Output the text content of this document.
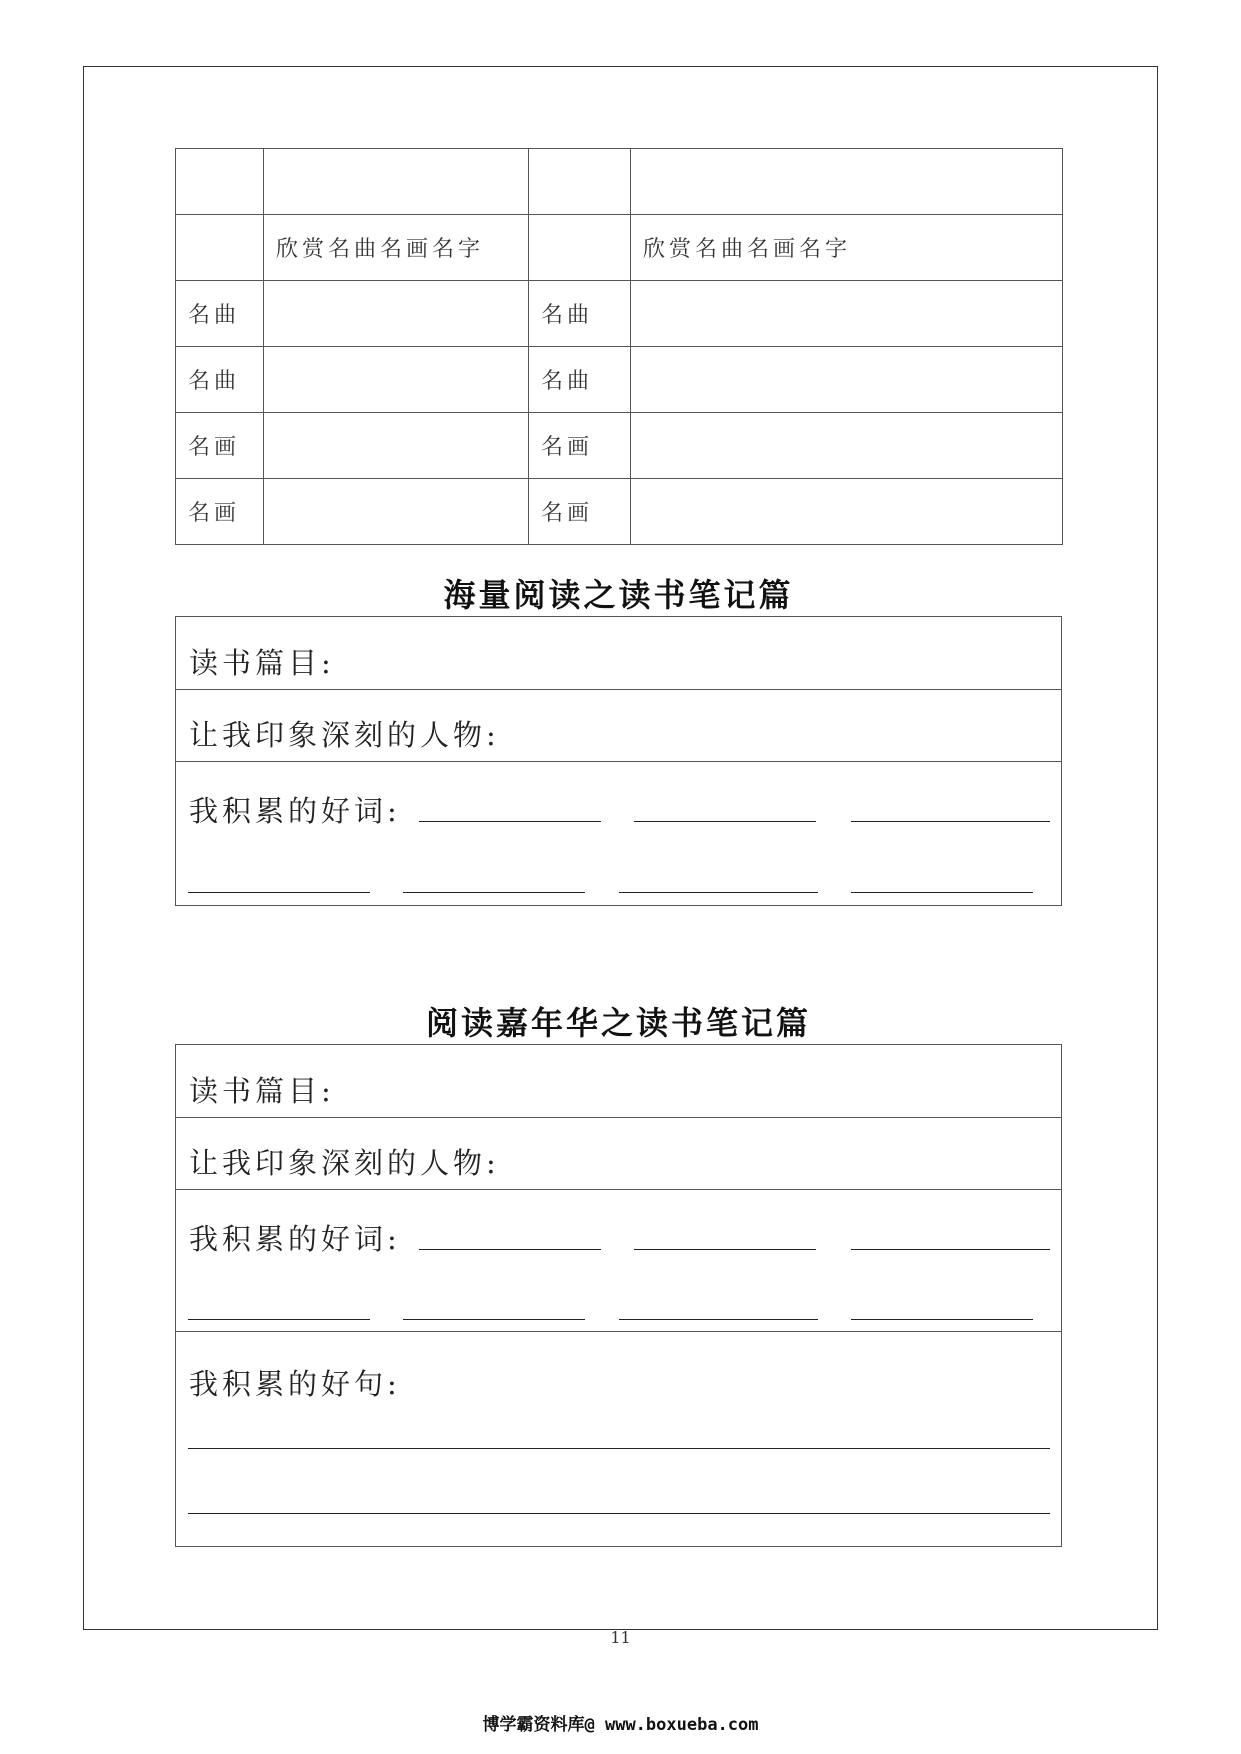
	欣赏名曲名画名字		欣赏名曲名画名字
名曲		名曲	
名曲		名曲	
名画		名画	
名画		名画	
海量阅读之读书笔记篇
读书篇目:
让我印象深刻的人物:
我积累的好词:
阅读嘉年华之读书笔记篇
读书篇目:
让我印象深刻的人物:
我积累的好词:
我积累的好句:
11
博学霸资料库@ www.boxueba.com
